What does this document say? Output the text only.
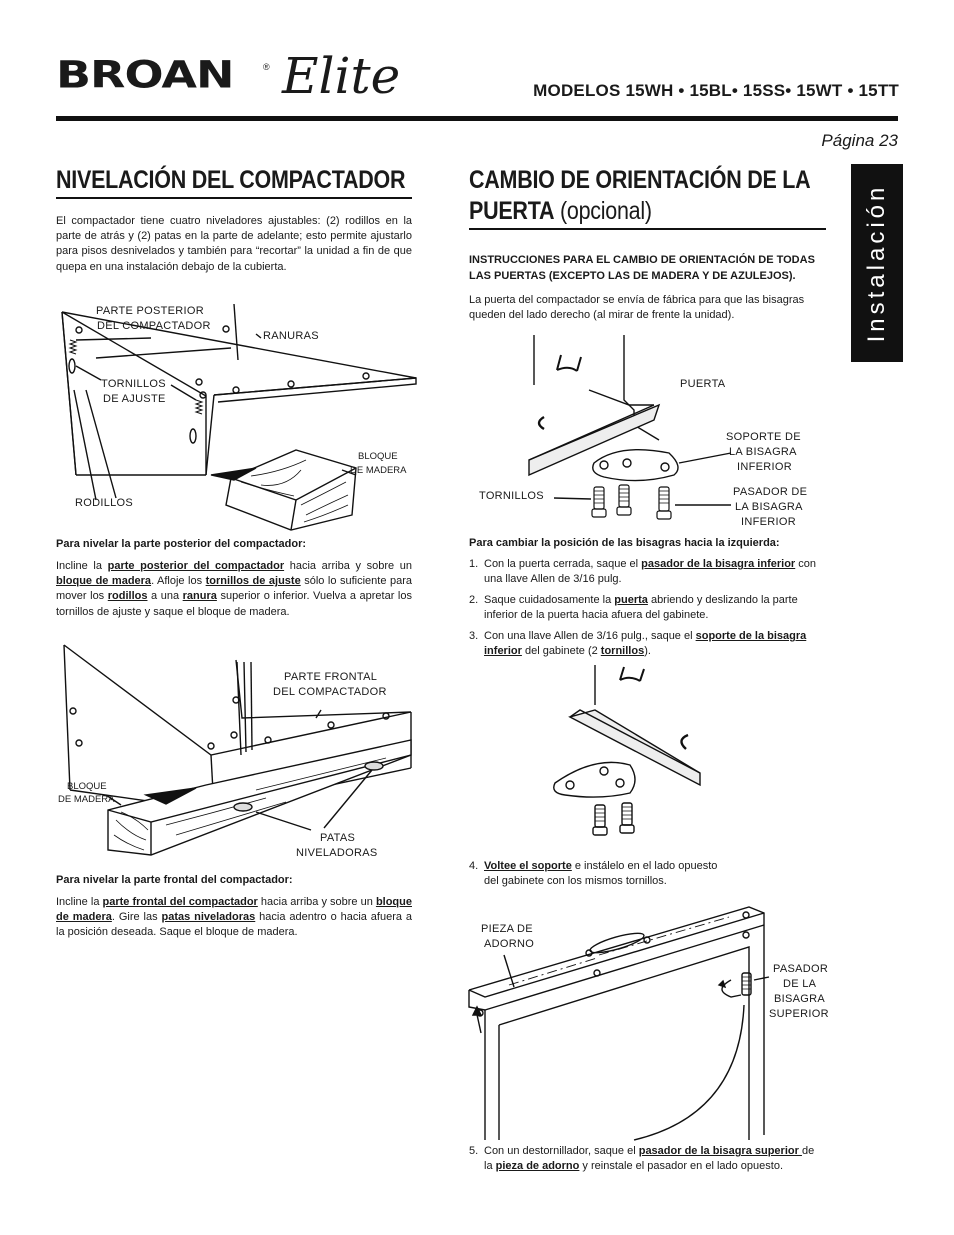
BROAN	® Elite	MODELOS 15WH • 15BL• 15SS• 15WT • 15TT
Página 23
Instalación
NIVELACIÓN DEL COMPACTADOR
El compactador tiene cuatro niveladores ajustables: (2) rodillos en la parte de atrás y (2) patas en la parte de adelante; esto permite ajustarlo para pisos desnivelados y también para “recortar” la unidad a fin de que quepa en una instalación debajo de la cubierta.
PARTE POSTERIOR
DEL COMPACTADOR
RANURAS
TORNILLOS
DE AJUSTE
BLOQUE
DE MADERA
RODILLOS
Para nivelar la parte posterior del compactador:
Incline la parte posterior del compactador hacia arriba y sobre un bloque de madera. Afloje los tornillos de ajuste sólo lo suficiente para mover los rodillos a una ranura superior o inferior. Vuelva a apretar los tornillos de ajuste y saque el bloque de madera.
PARTE FRONTAL
DEL COMPACTADOR
BLOQUE
DE MADERA
PATAS
NIVELADORAS
Para nivelar la parte frontal del compactador:
Incline la parte frontal del compactador hacia arriba y sobre un bloque de madera. Gire las patas niveladoras hacia adentro o hacia afuera a la posición deseada. Saque el bloque de madera.
CAMBIO DE ORIENTACIÓN DE LA
PUERTA (opcional)
INSTRUCCIONES PARA EL CAMBIO DE ORIENTACIÓN DE TODAS LAS PUERTAS (EXCEPTO LAS DE MADERA Y DE AZULEJOS).
La puerta del compactador se envía de fábrica para que las bisagras queden del lado derecho (al mirar de frente la unidad).
PUERTA
SOPORTE DE
LA BISAGRA
INFERIOR
TORNILLOS	PASADOR DE
LA BISAGRA
INFERIOR
Para cambiar la posición de las bisagras hacia la izquierda:
1. Con la puerta cerrada, saque el pasador de la bisagra inferior con
una llave Allen de 3/16 pulg.
2. Saque cuidadosamente la puerta abriendo y deslizando la parte
inferior de la puerta hacia afuera del gabinete.
3. Con una llave Allen de 3/16 pulg., saque el soporte de la bisagra
inferior del gabinete (2 tornillos).
4. Voltee el soporte e instálelo en el lado opuesto
del gabinete con los mismos tornillos.
PIEZA DE
ADORNO
PASADOR
DE LA
BISAGRA
SUPERIOR
5. Con un destornillador, saque el pasador de la bisagra superior de
la pieza de adorno y reinstale el pasador en el lado opuesto.
